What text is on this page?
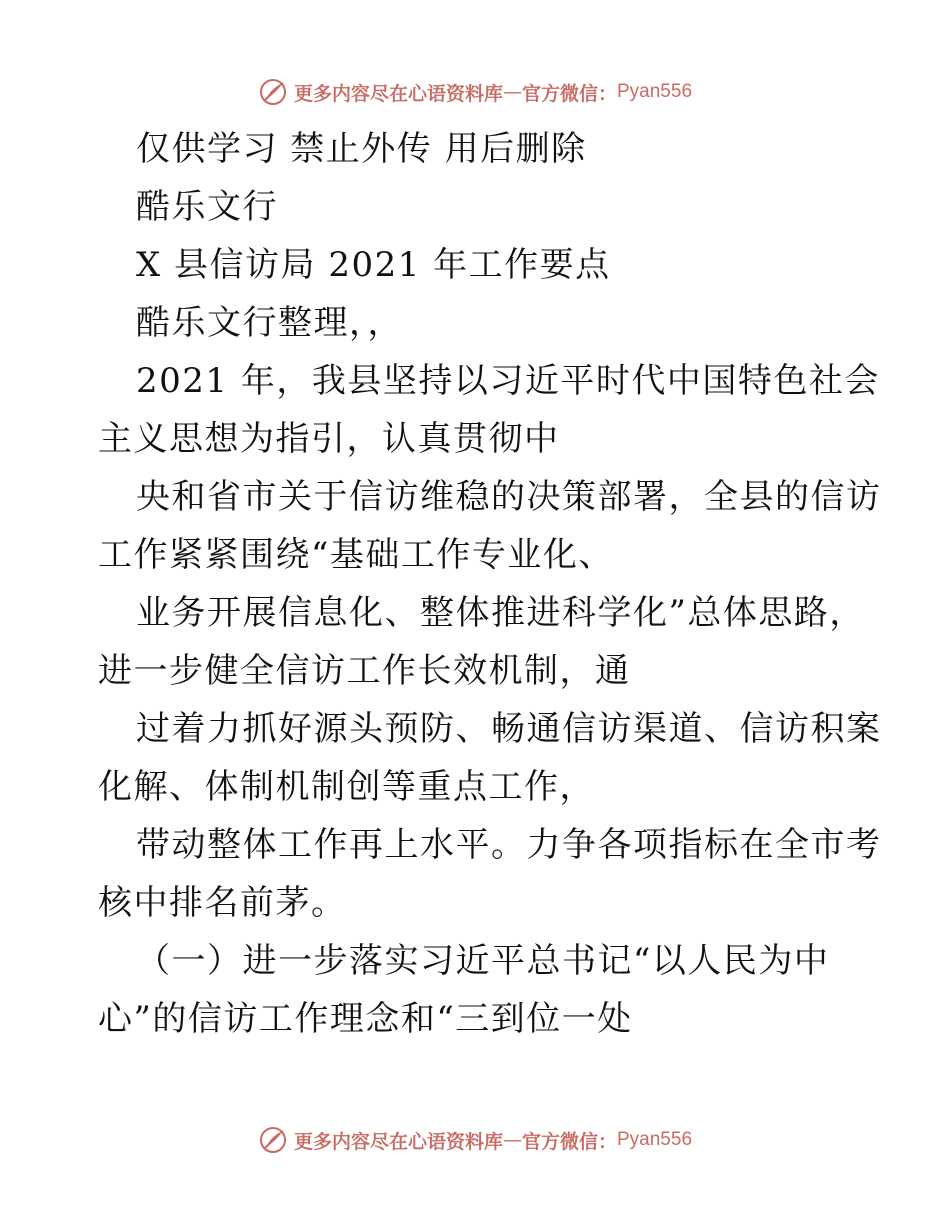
更多内容尽在心语资料库 — 官方微信： Pyan556
仅供学习 禁止外传 用后删除
酷乐文行
X 县信访局 2021 年工作要点
酷乐文行整理，，
2021 年，我县坚持以习近平时代中国特色社会
主义思想为指引，认真贯彻中
央和省市关于信访维稳的决策部署，全县的信访
工作紧紧围绕“基础工作专业化、
业务开展信息化、整体推进科学化”总体思路，
进一步健全信访工作长效机制，通
过着力抓好源头预防、畅通信访渠道、信访积案
化解、体制机制创等重点工作，
带动整体工作再上水平。力争各项指标在全市考
核中排名前茅。
（一）进一步落实习近平总书记“以人民为中
心”的信访工作理念和“三到位一处
更多内容尽在心语资料库 — 官方微信： Pyan556
